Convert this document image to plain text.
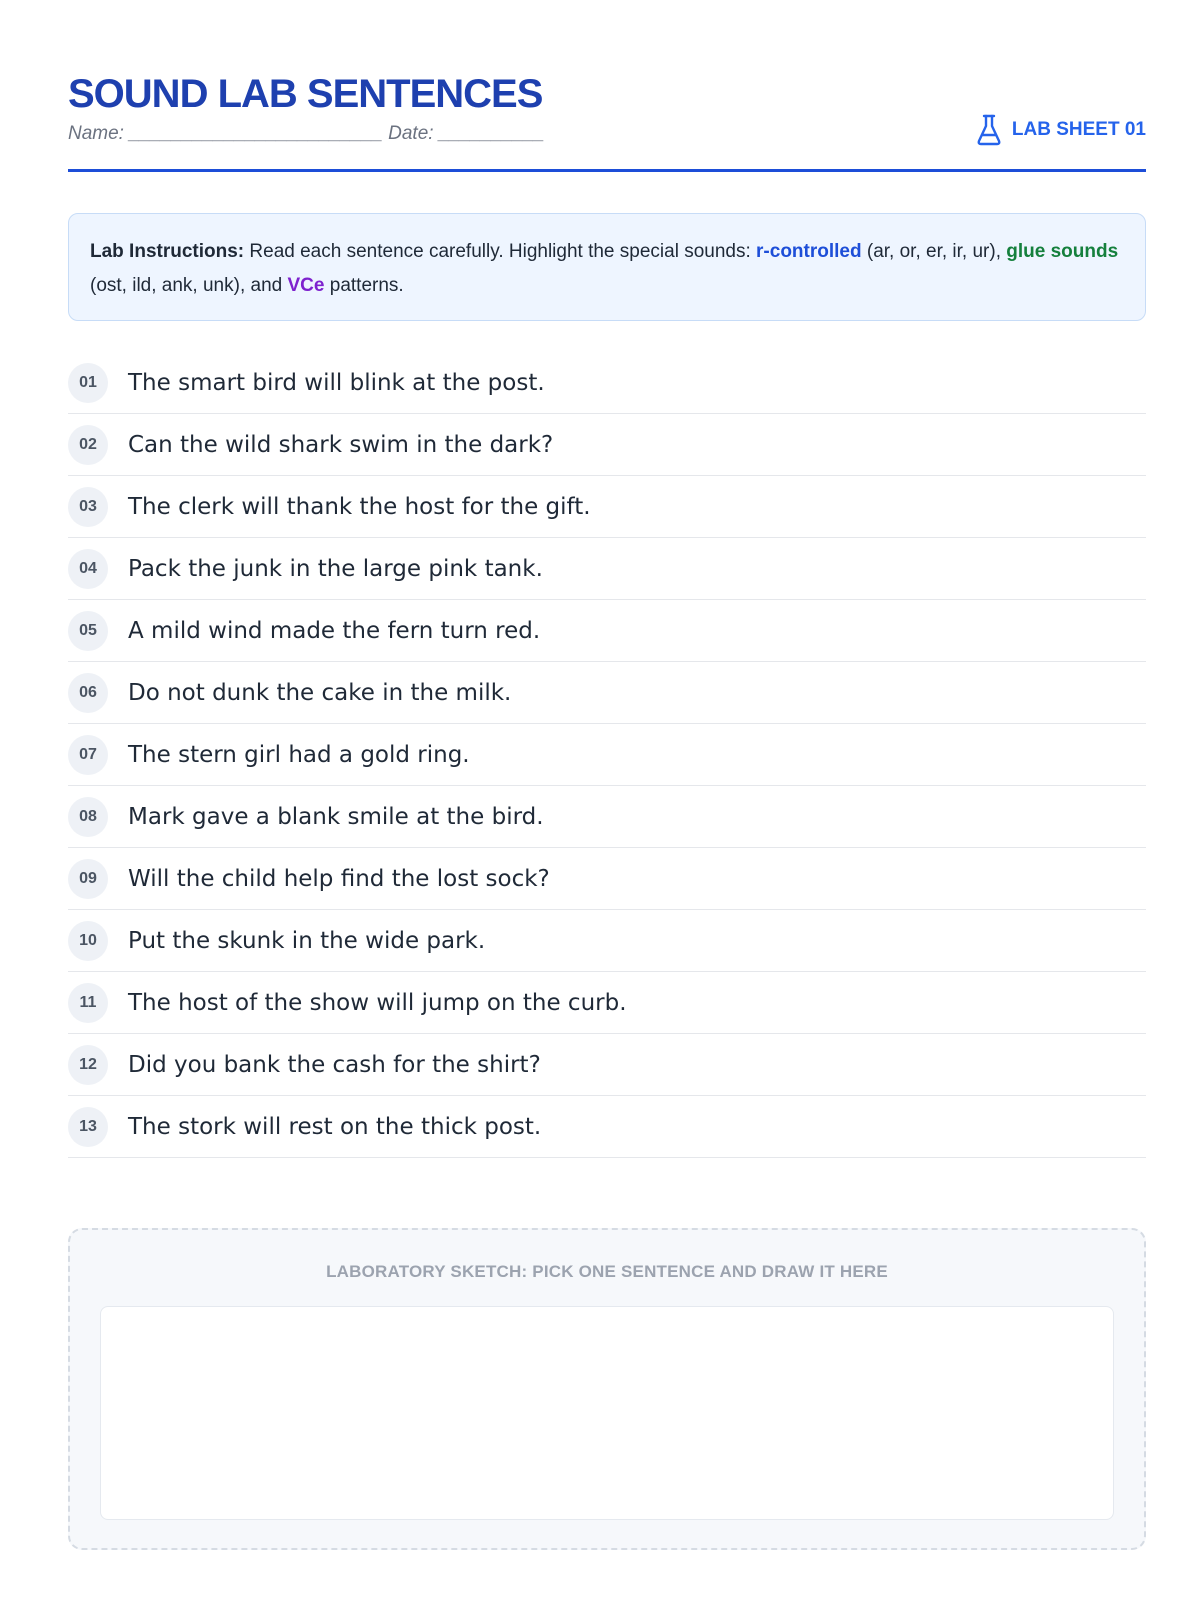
SOUND LAB SENTENCES
Name: ________________________ Date: __________	LAB SHEET 01
Lab Instructions: Read each sentence carefully. Highlight the special sounds: r-controlled (ar, or, er, ir, ur), glue sounds (ost, ild, ank, unk), and VCe patterns.
01	The smart bird will blink at the post.
02	Can the wild shark swim in the dark?
03	The clerk will thank the host for the gift.
04	Pack the junk in the large pink tank.
05	A mild wind made the fern turn red.
06	Do not dunk the cake in the milk.
07	The stern girl had a gold ring.
08	Mark gave a blank smile at the bird.
09	Will the child help find the lost sock?
10	Put the skunk in the wide park.
11	The host of the show will jump on the curb.
12	Did you bank the cash for the shirt?
13	The stork will rest on the thick post.
LABORATORY SKETCH: PICK ONE SENTENCE AND DRAW IT HERE
